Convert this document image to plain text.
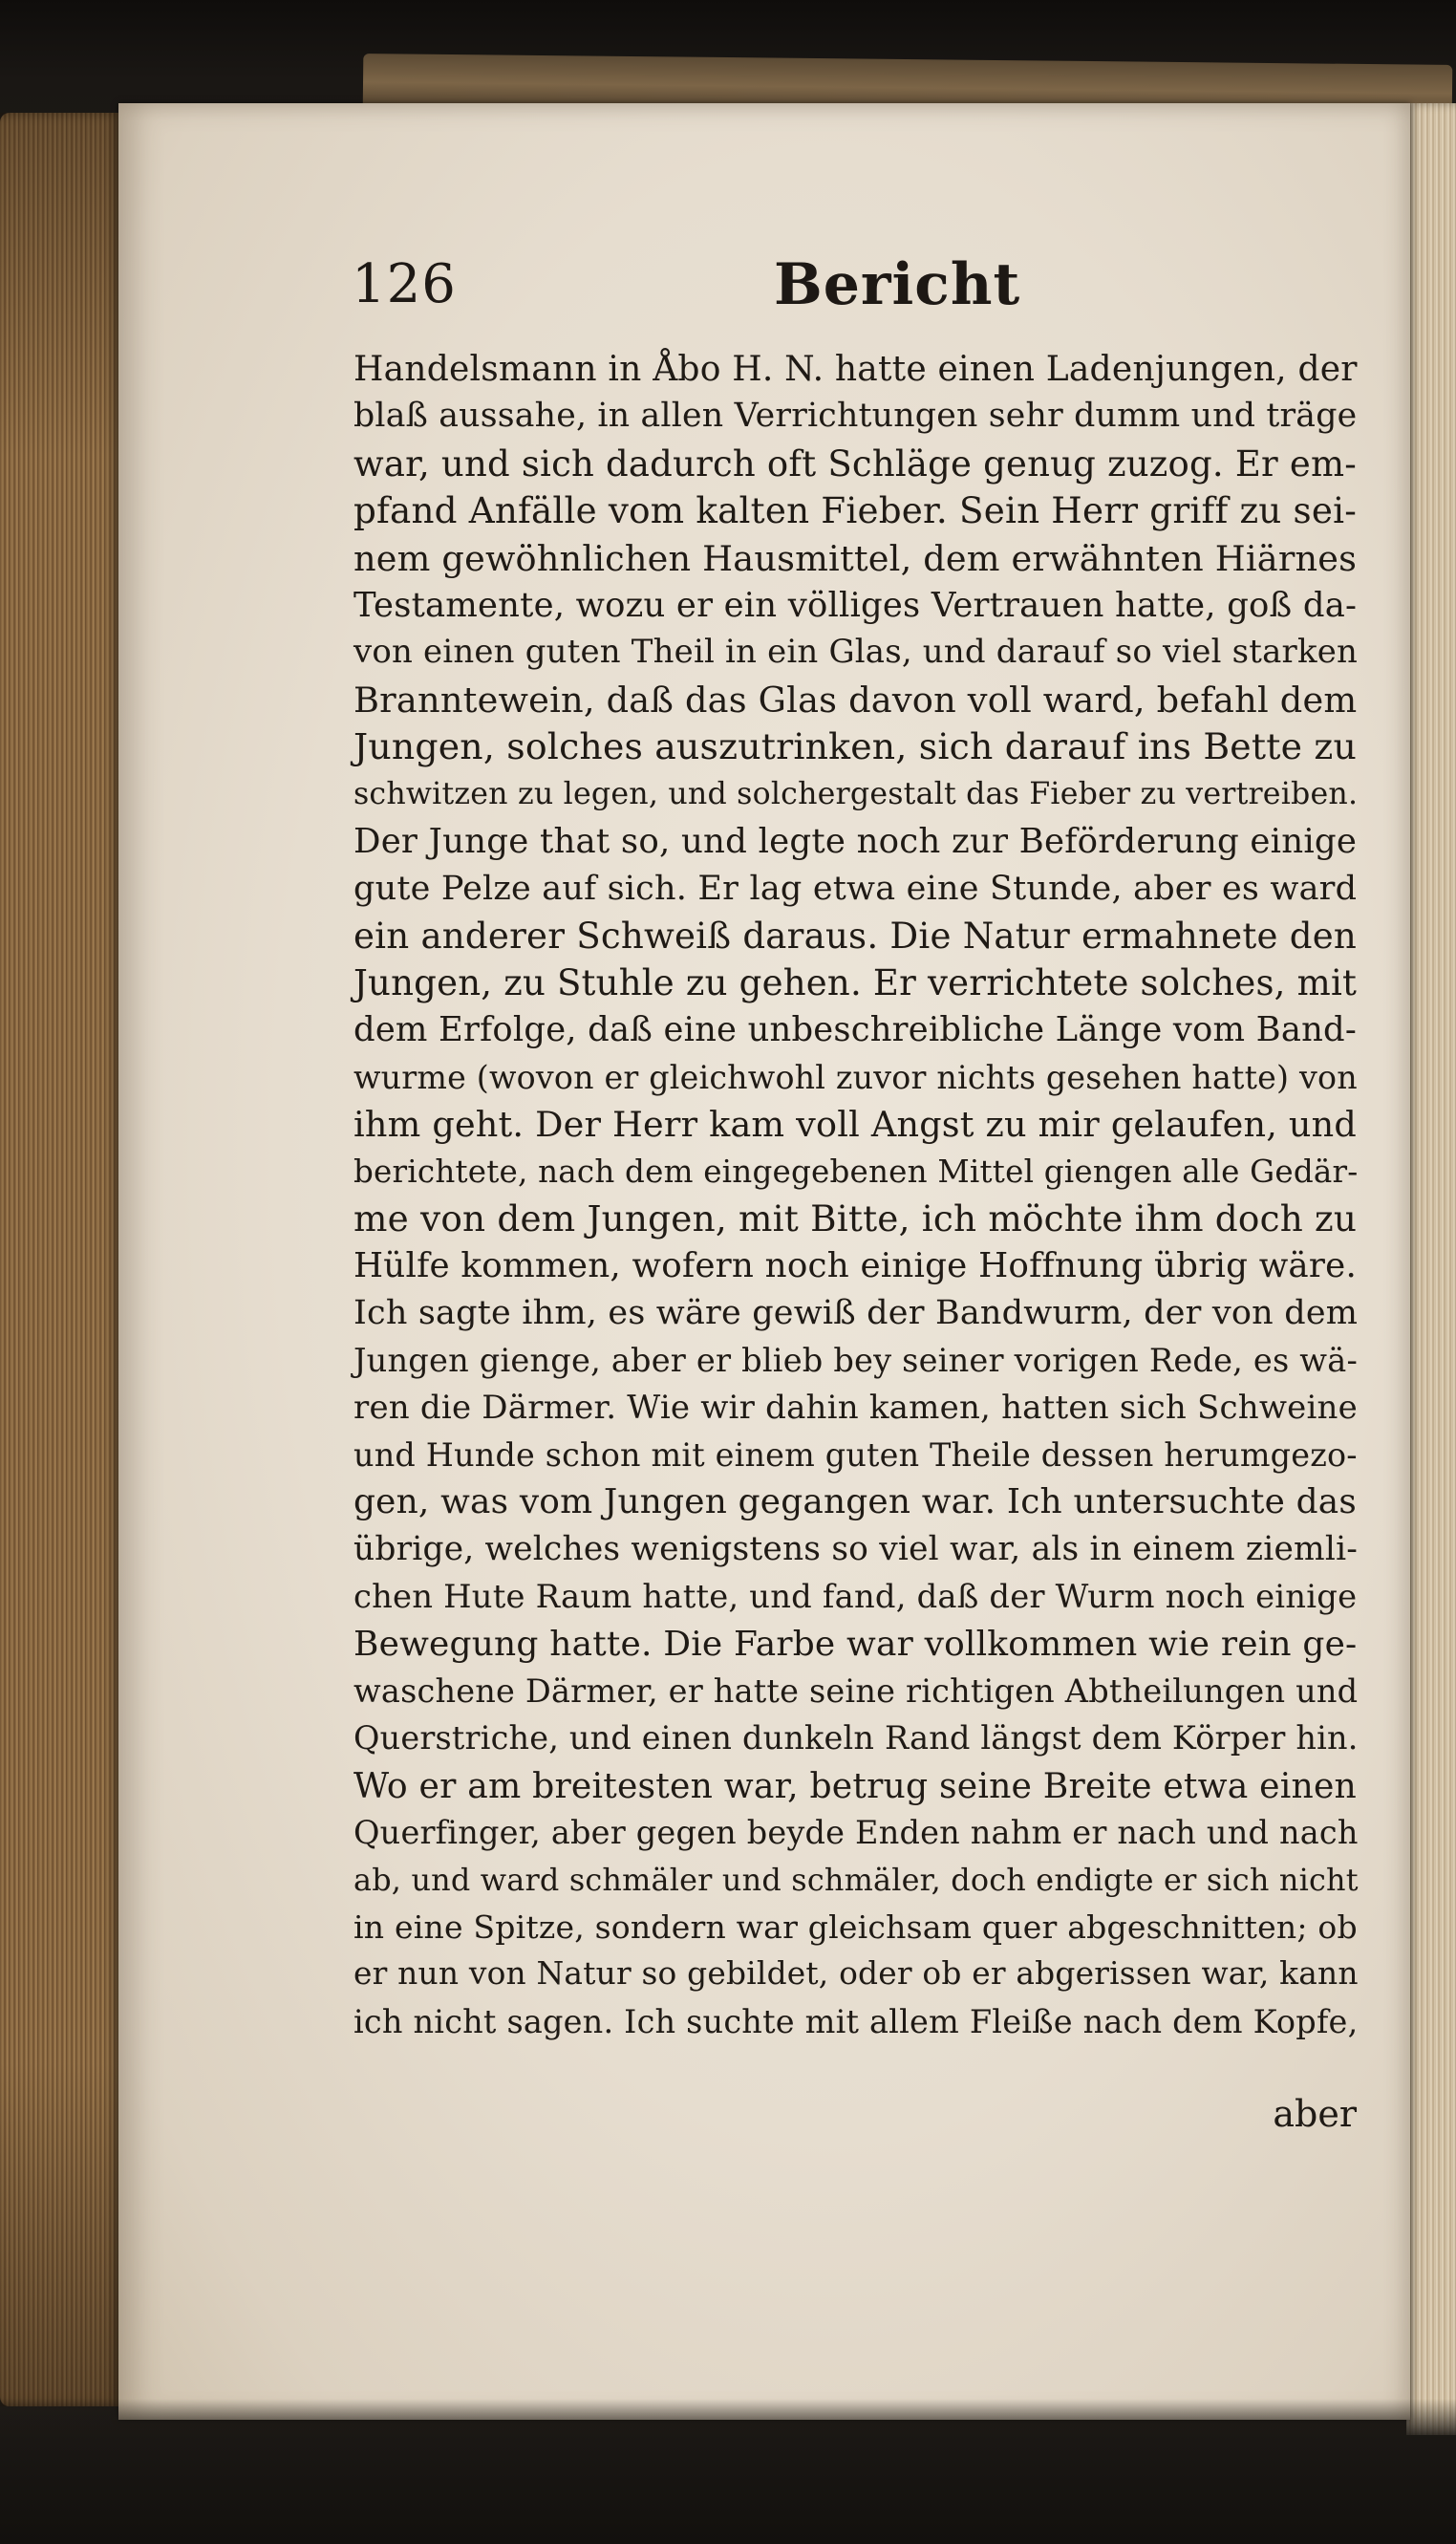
126	Bericht
Handelsmann in Åbo H. N. hatte einen Ladenjungen, der
blaß aussahe, in allen Verrichtungen sehr dumm und träge
war, und sich dadurch oft Schläge genug zuzog. Er em-
pfand Anfälle vom kalten Fieber. Sein Herr griff zu sei-
nem gewöhnlichen Hausmittel, dem erwähnten Hiärnes
Testamente, wozu er ein völliges Vertrauen hatte, goß da-
von einen guten Theil in ein Glas, und darauf so viel starken
Branntewein, daß das Glas davon voll ward, befahl dem
Jungen, solches auszutrinken, sich darauf ins Bette zu
schwitzen zu legen, und solchergestalt das Fieber zu vertreiben.
Der Junge that so, und legte noch zur Beförderung einige
gute Pelze auf sich. Er lag etwa eine Stunde, aber es ward
ein anderer Schweiß daraus. Die Natur ermahnete den
Jungen, zu Stuhle zu gehen. Er verrichtete solches, mit
dem Erfolge, daß eine unbeschreibliche Länge vom Band-
wurme (wovon er gleichwohl zuvor nichts gesehen hatte) von
ihm geht. Der Herr kam voll Angst zu mir gelaufen, und
berichtete, nach dem eingegebenen Mittel giengen alle Gedär-
me von dem Jungen, mit Bitte, ich möchte ihm doch zu
Hülfe kommen, wofern noch einige Hoffnung übrig wäre.
Ich sagte ihm, es wäre gewiß der Bandwurm, der von dem
Jungen gienge, aber er blieb bey seiner vorigen Rede, es wä-
ren die Därmer. Wie wir dahin kamen, hatten sich Schweine
und Hunde schon mit einem guten Theile dessen herumgezo-
gen, was vom Jungen gegangen war. Ich untersuchte das
übrige, welches wenigstens so viel war, als in einem ziemli-
chen Hute Raum hatte, und fand, daß der Wurm noch einige
Bewegung hatte. Die Farbe war vollkommen wie rein ge-
waschene Därmer, er hatte seine richtigen Abtheilungen und
Querstriche, und einen dunkeln Rand längst dem Körper hin.
Wo er am breitesten war, betrug seine Breite etwa einen
Querfinger, aber gegen beyde Enden nahm er nach und nach
ab, und ward schmäler und schmäler, doch endigte er sich nicht
in eine Spitze, sondern war gleichsam quer abgeschnitten; ob
er nun von Natur so gebildet, oder ob er abgerissen war, kann
ich nicht sagen. Ich suchte mit allem Fleiße nach dem Kopfe,
aber
